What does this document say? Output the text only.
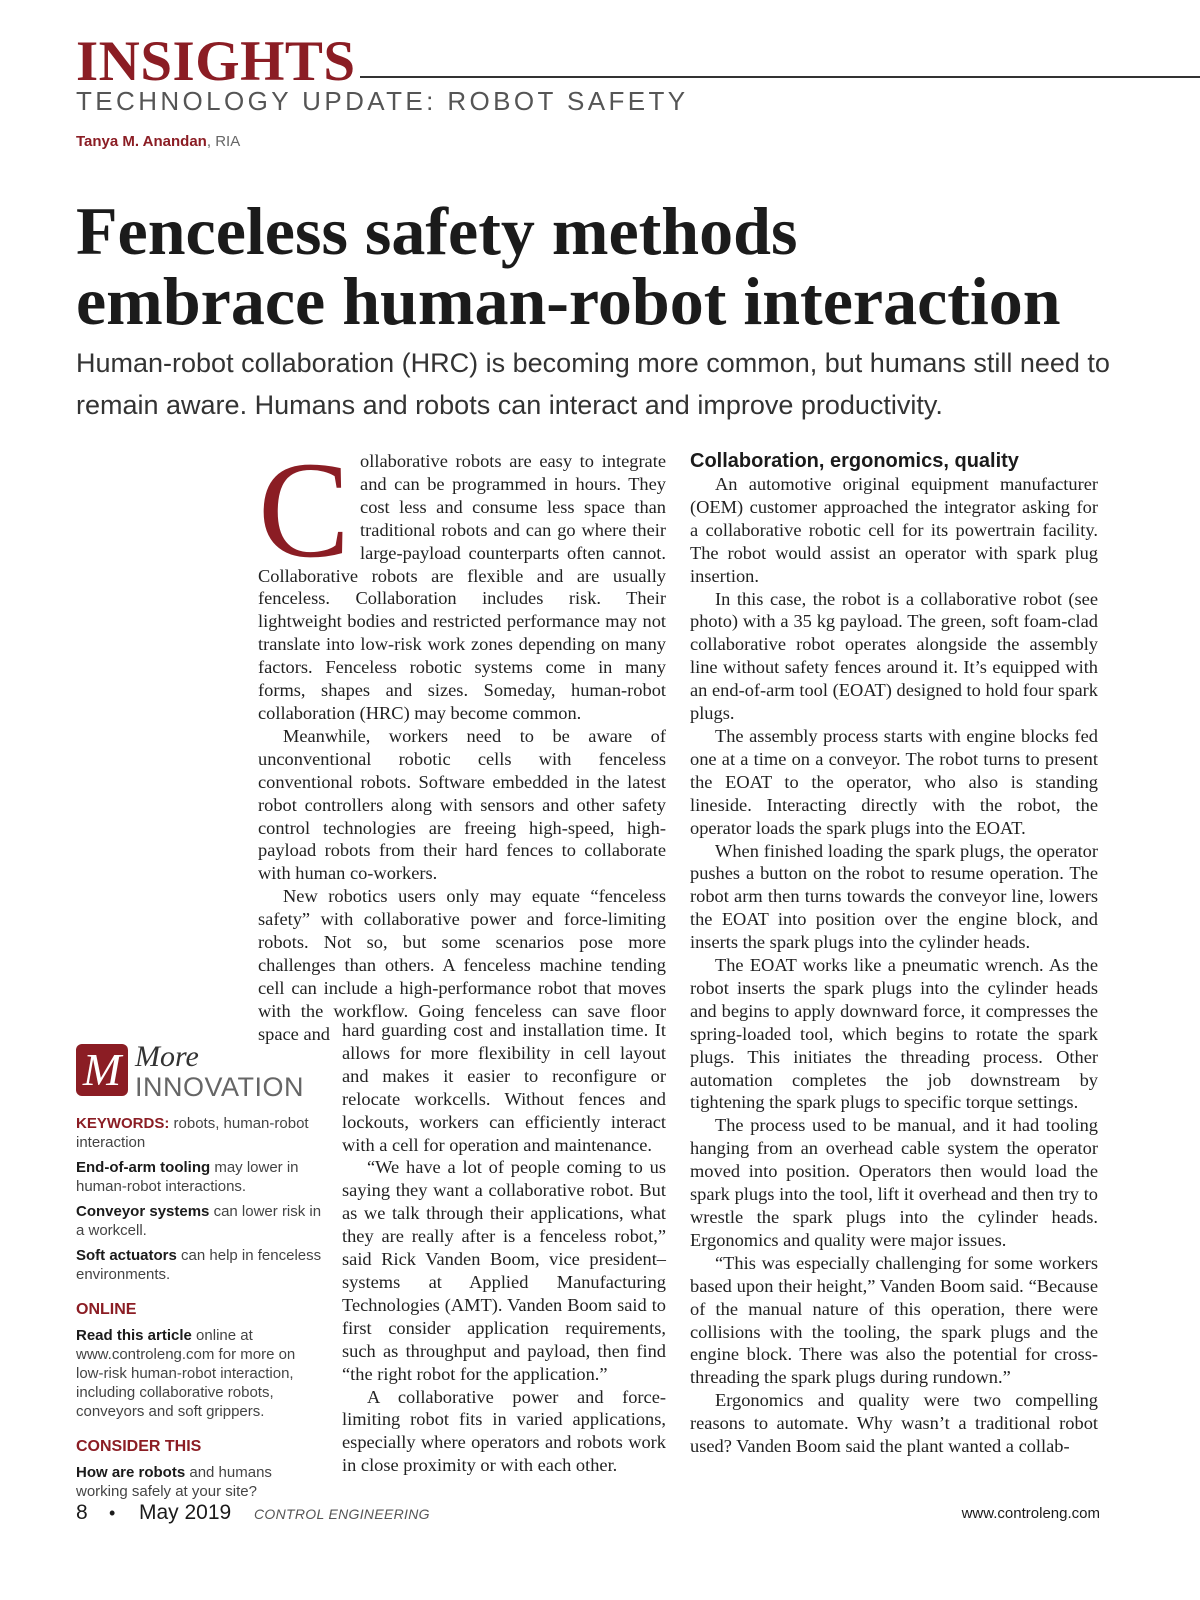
INSIGHTS
TECHNOLOGY UPDATE: ROBOT SAFETY
Tanya M. Anandan, RIA
Fenceless safety methods
embrace human-robot interaction
Human-robot collaboration (HRC) is becoming more common, but humans still need to remain aware. Humans and robots can interact and improve productivity.

Collaborative robots are easy to integrate and can be programmed in hours. They cost less and consume less space than traditional robots and can go where their large-payload counterparts often cannot. Collaborative robots are flexible and are usually fenceless. Collaboration includes risk. Their lightweight bodies and restricted performance may not translate into low-risk work zones depending on many factors. Fenceless robotic systems come in many forms, shapes and sizes. Someday, human-robot collaboration (HRC) may become common.

Meanwhile, workers need to be aware of unconventional robotic cells with fenceless conventional robots. Software embedded in the latest robot controllers along with sensors and other safety control technologies are freeing high-speed, high-payload robots from their hard fences to collaborate with human co-workers.

New robotics users only may equate “fenceless safety” with collaborative power and force-limiting robots. Not so, but some scenarios pose more challenges than others. A fenceless machine tending cell can include a high-performance robot that moves with the workflow. Going fenceless can save floor space and hard guarding cost and installation time. It allows for more flexibility in cell layout and makes it easier to reconfigure or relocate workcells. Without fences and lockouts, workers can efficiently interact with a cell for operation and maintenance.

“We have a lot of people coming to us saying they want a collaborative robot. But as we talk through their applications, what they are really after is a fenceless robot,” said Rick Vanden Boom, vice president–systems at Applied Manufacturing Technologies (AMT). Vanden Boom said to first consider application requirements, such as throughput and payload, then find “the right robot for the application.”

A collaborative power and force-limiting robot fits in varied applications, especially where operators and robots work in close proximity or with each other.

Collaboration, ergonomics, quality

An automotive original equipment manufacturer (OEM) customer approached the integrator asking for a collaborative robotic cell for its powertrain facility. The robot would assist an operator with spark plug insertion.

In this case, the robot is a collaborative robot (see photo) with a 35 kg payload. The green, soft foam-clad collaborative robot operates alongside the assembly line without safety fences around it. It’s equipped with an end-of-arm tool (EOAT) designed to hold four spark plugs.

The assembly process starts with engine blocks fed one at a time on a conveyor. The robot turns to present the EOAT to the operator, who also is standing lineside. Interacting directly with the robot, the operator loads the spark plugs into the EOAT.

When finished loading the spark plugs, the operator pushes a button on the robot to resume operation. The robot arm then turns towards the conveyor line, lowers the EOAT into position over the engine block, and inserts the spark plugs into the cylinder heads.

The EOAT works like a pneumatic wrench. As the robot inserts the spark plugs into the cylinder heads and begins to apply downward force, it compresses the spring-loaded tool, which begins to rotate the spark plugs. This initiates the threading process. Other automation completes the job downstream by tightening the spark plugs to specific torque settings.

The process used to be manual, and it had tooling hanging from an overhead cable system the operator moved into position. Operators then would load the spark plugs into the tool, lift it overhead and then try to wrestle the spark plugs into the cylinder heads. Ergonomics and quality were major issues.

“This was especially challenging for some workers based upon their height,” Vanden Boom said. “Because of the manual nature of this operation, there were collisions with the tooling, the spark plugs and the engine block. There was also the potential for cross-threading the spark plugs during rundown.”

Ergonomics and quality were two compelling reasons to automate. Why wasn’t a traditional robot used? Vanden Boom said the plant wanted a collab-

M More
INNOVATION
KEYWORDS: robots, human-robot interaction
End-of-arm tooling may lower in human-robot interactions.
Conveyor systems can lower risk in a workcell.
Soft actuators can help in fenceless environments.
ONLINE
Read this article online at www.controleng.com for more on low-risk human-robot interaction, including collaborative robots, conveyors and soft grippers.
CONSIDER THIS
How are robots and humans working safely at your site?
8 • May 2019 CONTROL ENGINEERING	www.controleng.com
